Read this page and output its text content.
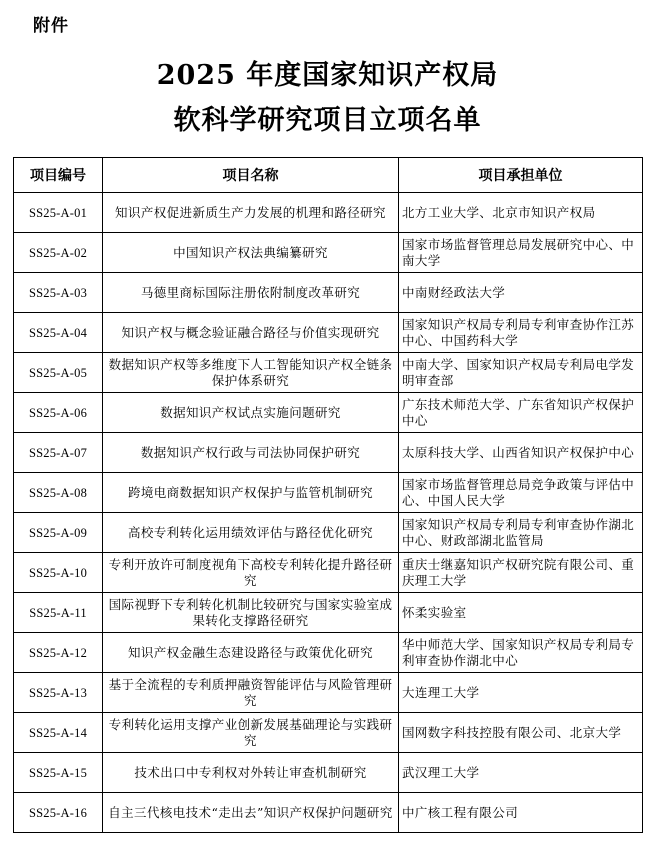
附件
2025 年度国家知识产权局
软科学研究项目立项名单
项目编号	项目名称	项目承担单位
SS25-A-01	知识产权促进新质生产力发展的机理和路径研究	北方工业大学、北京市知识产权局
SS25-A-02	中国知识产权法典编纂研究	国家市场监督管理总局发展研究中心、中南大学
SS25-A-03	马德里商标国际注册依附制度改革研究	中南财经政法大学
SS25-A-04	知识产权与概念验证融合路径与价值实现研究	国家知识产权局专利局专利审查协作江苏中心、中国药科大学
SS25-A-05	数据知识产权等多维度下人工智能知识产权全链条保护体系研究	中南大学、国家知识产权局专利局电学发明审查部
SS25-A-06	数据知识产权试点实施问题研究	广东技术师范大学、广东省知识产权保护中心
SS25-A-07	数据知识产权行政与司法协同保护研究	太原科技大学、山西省知识产权保护中心
SS25-A-08	跨境电商数据知识产权保护与监管机制研究	国家市场监督管理总局竞争政策与评估中心、中国人民大学
SS25-A-09	高校专利转化运用绩效评估与路径优化研究	国家知识产权局专利局专利审查协作湖北中心、财政部湖北监管局
SS25-A-10	专利开放许可制度视角下高校专利转化提升路径研究	重庆士继嘉知识产权研究院有限公司、重庆理工大学
SS25-A-11	国际视野下专利转化机制比较研究与国家实验室成果转化支撑路径研究	怀柔实验室
SS25-A-12	知识产权金融生态建设路径与政策优化研究	华中师范大学、国家知识产权局专利局专利审查协作湖北中心
SS25-A-13	基于全流程的专利质押融资智能评估与风险管理研究	大连理工大学
SS25-A-14	专利转化运用支撑产业创新发展基础理论与实践研究	国网数字科技控股有限公司、北京大学
SS25-A-15	技术出口中专利权对外转让审查机制研究	武汉理工大学
SS25-A-16	自主三代核电技术“走出去”知识产权保护问题研究	中广核工程有限公司
